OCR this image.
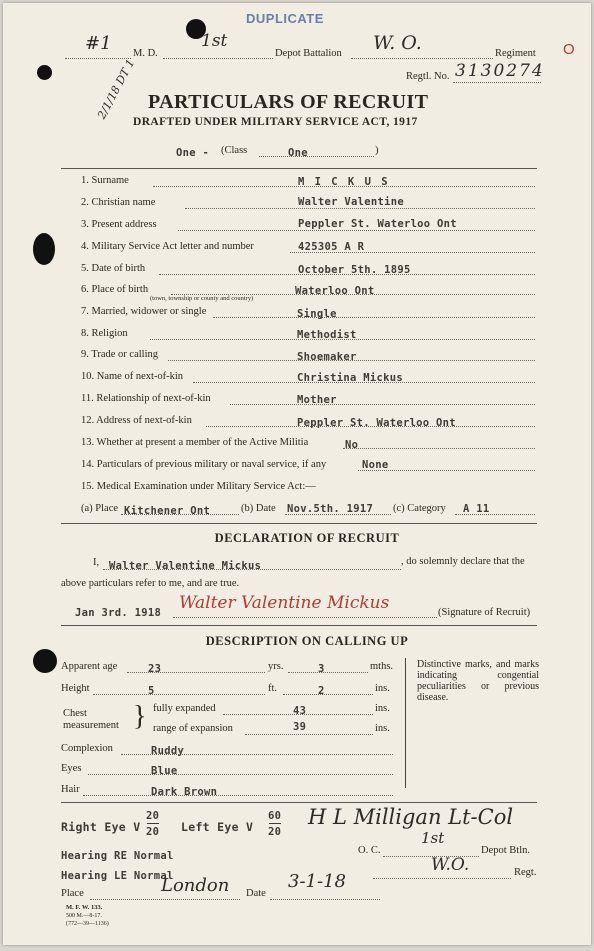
DUPLICATE
#1 M. D.
1st
Depot Battalion W. O.	Regiment O
Regtl. No. 3130274
2/1/18 DT 1 PARTICULARS OF RECRUIT
DRAFTED UNDER MILITARY SERVICE ACT, 1917
One - (Class	One	)
1. Surname	M I C K U S
2. Christian name	Walter Valentine
3. Present address	Peppler St. Waterloo Ont
4. Military Service Act letter and number	425305 A R
5. Date of birth	October 5th. 1895
6. Place of birth
(town, township or county and country)
Waterloo Ont
7. Married, widower or single	Single
8. Religion	Methodist
9. Trade or calling	Shoemaker
10. Name of next-of-kin	Christina Mickus
11. Relationship of next-of-kin	Mother
12. Address of next-of-kin	Peppler St. Waterloo Ont
13. Whether at present a member of the Active Militia	No
14. Particulars of previous military or naval service, if any	None
15. Medical Examination under Military Service Act:—
(a) Place Kitchener Ont	(b) Date Nov.5th. 1917 (c) Category A 11
DECLARATION OF RECRUIT
I, Walter Valentine Mickus	, do solemnly declare that the
above particulars refer to me, and are true.
Jan 3rd. 1918 Walter Valentine Mickus	(Signature of Recruit)
DESCRIPTION ON CALLING UP
Apparent age	23	yrs.	3	mths.
Height	5	ft.	2	ins.
Chest
measurement } fully expanded	43	ins.
range of expansion	39	ins.
Complexion	Ruddy
Eyes	Blue
Hair	Dark Brown
Distinctive marks, and marks indicating congential peculiarities or previous disease.
Right Eye V
20
20 Left Eye V
60
20
H L Milligan Lt-Col
Hearing RE Normal
Hearing LE Normal
O. C.
1st
Depot Btln.
W.O.	Regt.
Place	London Date
3-1-18
M. F. W. 133.
500 M.—8-17.
(772—39—1136)
